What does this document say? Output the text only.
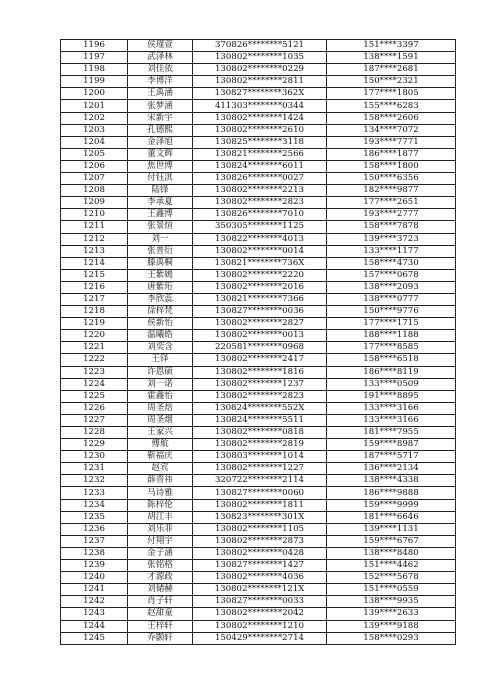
1196	侯瑾萱	370826********5121	151****3397
1197	武泽林	130802********1035	138****1591
1198	刘佳依	130802********0229	187****2681
1199	李博洋	130802********2811	150****2321
1200	王禹涵	130827********362X	177****1805
1201	张梦涵	411303********0344	155****6283
1202	宋新宇	130802********1424	158****2606
1203	孔德熙	130802********2610	134****7072
1204	金泽旭	130825********3118	193****7771
1205	董文辉	130821********2566	186****1877
1206	焦世博	130824********6011	158****1800
1207	付钰淇	130826********0027	150****6356
1208	陆锋	130802********2213	182****9877
1209	李承夏	130802********2823	177****2651
1210	王鑫博	130826********7010	193****2777
1211	张景煊	350305********1125	158****7878
1212	刘一	130822********4013	139****3723
1213	张普衍	130802********0014	133****1177
1214	滕禹桐	130821********736X	158****4730
1215	王紫嫣	130802********2220	157****0678
1216	唐紫珩	130802********2016	138****2093
1217	李欣蕊	130821********7366	138****0777
1218	徐梓梵	130827********0036	150****9776
1219	侯新怡	130802********2827	177****1715
1220	温曦皓	130802********0013	188****1188
1221	刘奕含	220581********0968	177****8585
1222	王铎	130802********2417	158****6518
1223	许恩硕	130802********1816	186****8119
1224	刘一诺	130802********1237	133****0509
1225	霍鑫怡	130802********2823	191****8895
1226	周圣焙	130824********552X	133****3166
1227	周圣烟	130824********5511	133****3166
1228	王家兴	130802********0818	181****7955
1229	傅航	130802********2819	159****8987
1230	靳福庆	130803********1014	187****5717
1231	赵宾	130802********1227	136****2134
1232	薛晋祎	320722********2114	138****4338
1233	马诗雅	130827********0060	186****9888
1234	陈梓伦	130802********1811	159****9999
1235	胡江丰	130823********301X	181****6646
1236	刘乐菲	130802********1105	139****1131
1237	付翔宇	130802********2873	159****6767
1238	金子涵	130802********0428	138****8480
1239	张铭格	130827********1427	151****4462
1240	才源政	130802********4036	152****5678
1241	刘储赫	130802********121X	151****0559
1242	肖子轩	130827********0033	138****9935
1243	赵甜童	130802********2042	139****2633
1244	王梓轩	130802********1210	139****9188
1245	乔颢轩	150429********2714	158****0293
